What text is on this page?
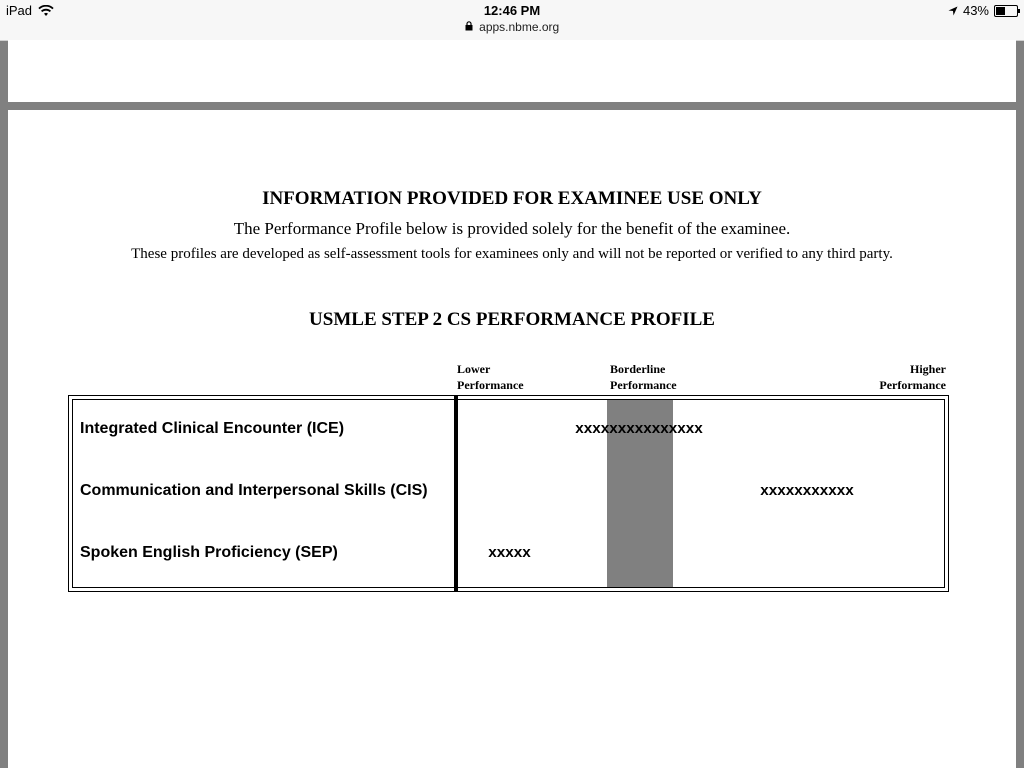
iPad	12:46 PM
apps.nbme.org
43%
INFORMATION PROVIDED FOR EXAMINEE USE ONLY
The Performance Profile below is provided solely for the benefit of the examinee.
These profiles are developed as self-assessment tools for examinees only and will not be reported or verified to any third party.
USMLE STEP 2 CS PERFORMANCE PROFILE
Lower
Performance
Borderline
Performance
Higher
Performance
Integrated Clinical Encounter (ICE)
Communication and Interpersonal Skills (CIS)
Spoken English Proficiency (SEP)
xxxxxxxxxxxxxxx
xxxxxxxxxxx
xxxxx
